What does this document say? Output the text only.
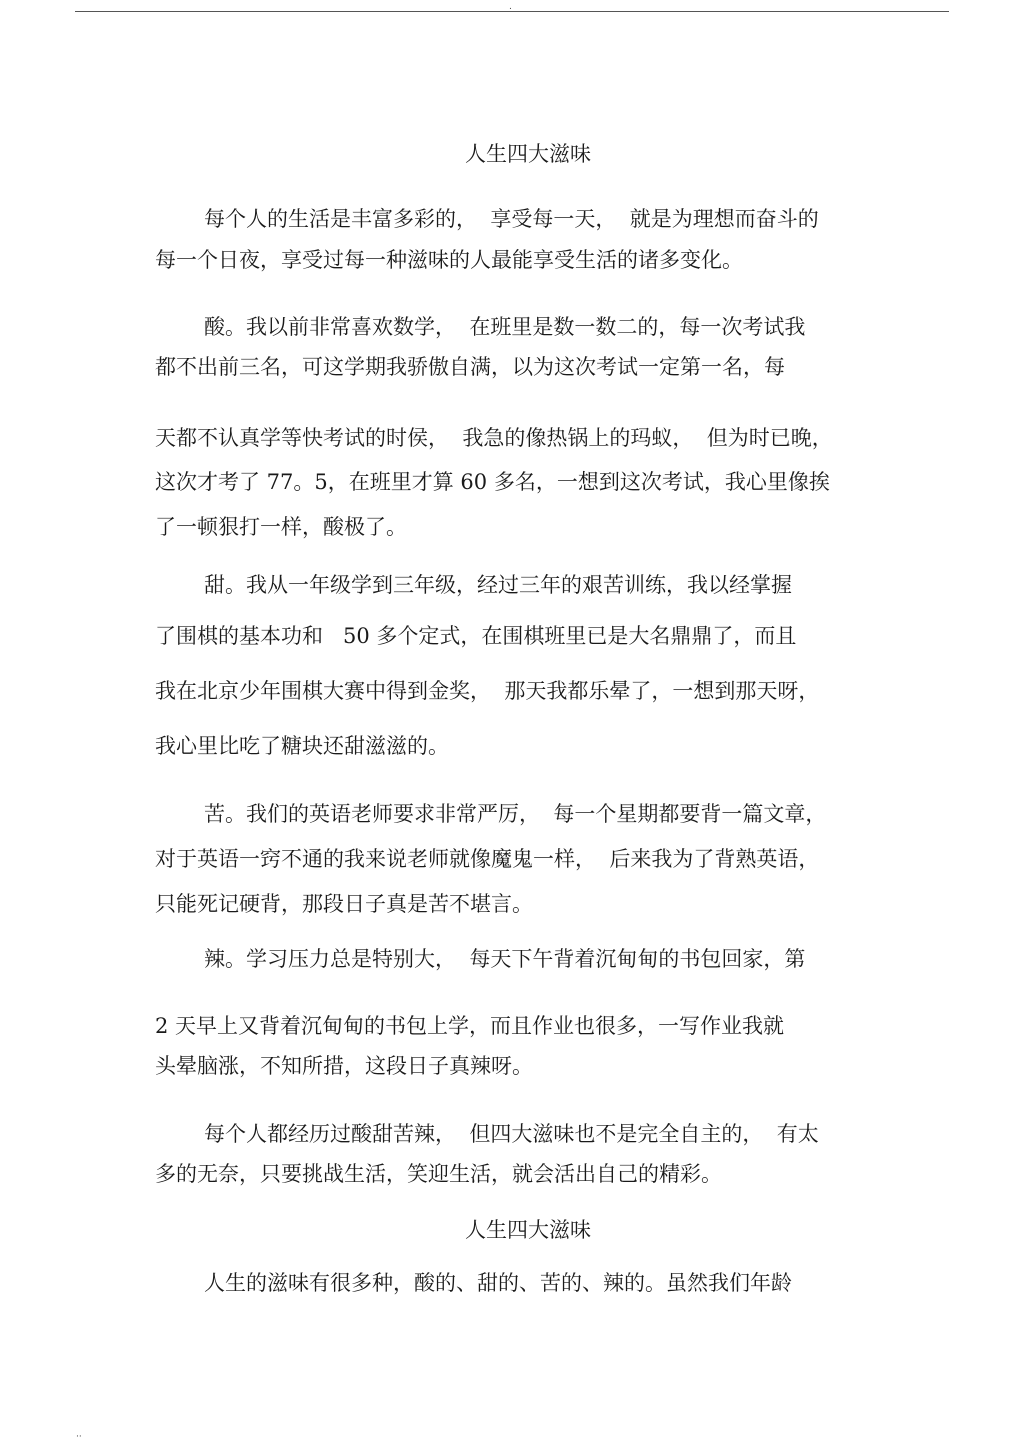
.
人生四大滋味
每个人的生活是丰富多彩的，  享受每一天，  就是为理想而奋斗的
每一个日夜，享受过每一种滋味的人最能享受生活的诸多变化。
酸。我以前非常喜欢数学，  在班里是数一数二的，每一次考试我
都不出前三名，可这学期我骄傲自满，以为这次考试一定第一名，每
天都不认真学等快考试的时侯，  我急的像热锅上的玛蚁，  但为时已晚，
这次才考了 77。5，在班里才算 60 多名，一想到这次考试，我心里像挨
了一顿狠打一样，酸极了。
甜。我从一年级学到三年级，经过三年的艰苦训练，我以经掌握
了围棋的基本功和   50 多个定式，在围棋班里已是大名鼎鼎了，而且
我在北京少年围棋大赛中得到金奖，  那天我都乐晕了，一想到那天呀，
我心里比吃了糖块还甜滋滋的。
苦。我们的英语老师要求非常严厉，  每一个星期都要背一篇文章，
对于英语一窍不通的我来说老师就像魔鬼一样，  后来我为了背熟英语，
只能死记硬背，那段日子真是苦不堪言。
辣。学习压力总是特别大，  每天下午背着沉甸甸的书包回家，第
2 天早上又背着沉甸甸的书包上学，而且作业也很多，一写作业我就
头晕脑涨，不知所措，这段日子真辣呀。
每个人都经历过酸甜苦辣，  但四大滋味也不是完全自主的，  有太
多的无奈，只要挑战生活，笑迎生活，就会活出自己的精彩。
人生四大滋味
人生的滋味有很多种，酸的、甜的、苦的、辣的。虽然我们年龄
··
